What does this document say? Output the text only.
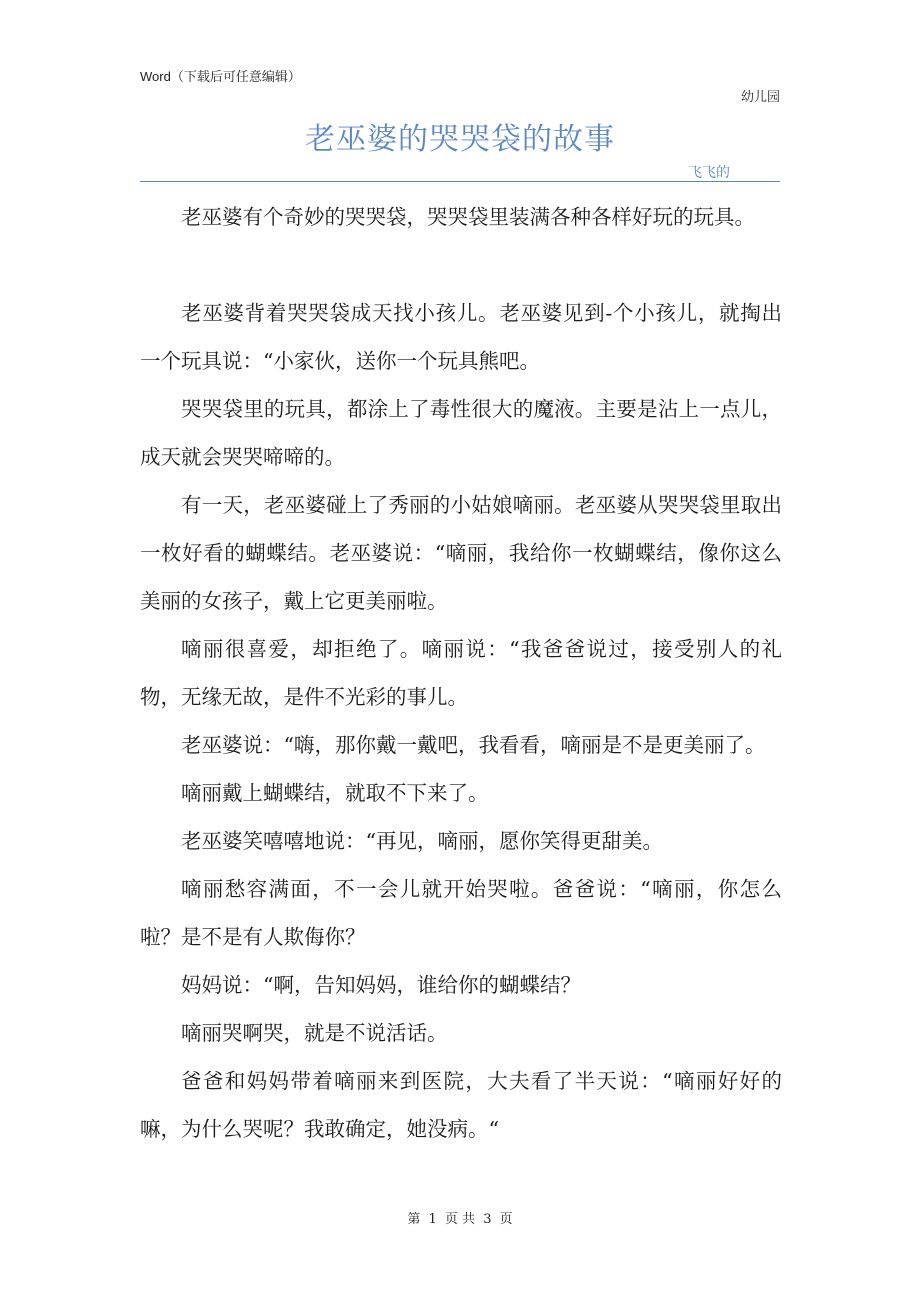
Word（下载后可任意编辑）
幼儿园
老巫婆的哭哭袋的故事
飞飞的

老巫婆有个奇妙的哭哭袋，哭哭袋里装满各种各样好玩的玩具。

老巫婆背着哭哭袋成天找小孩儿。老巫婆见到-个小孩儿，就掏出一个玩具说：“小家伙，送你一个玩具熊吧。

哭哭袋里的玩具，都涂上了毒性很大的魔液。主要是沾上一点儿，成天就会哭哭啼啼的。

有一天，老巫婆碰上了秀丽的小姑娘嘀丽。老巫婆从哭哭袋里取出一枚好看的蝴蝶结。老巫婆说：“嘀丽，我给你一枚蝴蝶结，像你这么美丽的女孩子，戴上它更美丽啦。

嘀丽很喜爱，却拒绝了。嘀丽说：“我爸爸说过，接受别人的礼物，无缘无故，是件不光彩的事儿。

老巫婆说：“嗨，那你戴一戴吧，我看看，嘀丽是不是更美丽了。

嘀丽戴上蝴蝶结，就取不下来了。

老巫婆笑嘻嘻地说：“再见，嘀丽，愿你笑得更甜美。

嘀丽愁容满面，不一会儿就开始哭啦。爸爸说：“嘀丽，你怎么啦？是不是有人欺侮你？

妈妈说：“啊，告知妈妈，谁给你的蝴蝶结？

嘀丽哭啊哭，就是不说活话。

爸爸和妈妈带着嘀丽来到医院，大夫看了半天说：“嘀丽好好的嘛，为什么哭呢？我敢确定，她没病。“

第 1 页 共 3 页
